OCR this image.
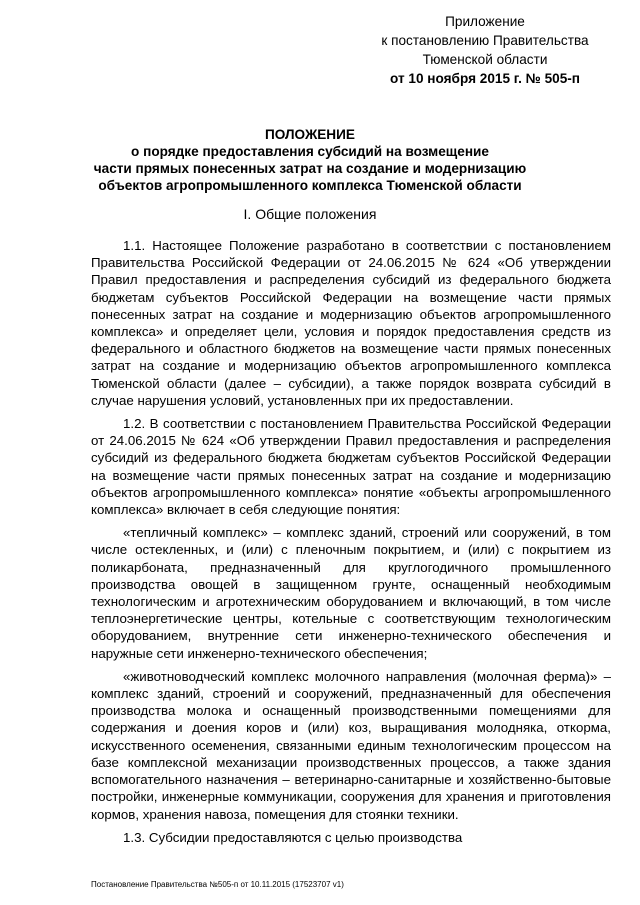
Приложение
к постановлению Правительства
Тюменской области
от 10 ноября 2015 г. № 505-п
ПОЛОЖЕНИЕ
о порядке предоставления субсидий на возмещение
части прямых понесенных затрат на создание и модернизацию
объектов агропромышленного комплекса Тюменской области
I. Общие положения

1.1. Настоящее Положение разработано в соответствии с постановлением Правительства Российской Федерации от 24.06.2015 № 624 «Об утверждении Правил предоставления и распределения субсидий из федерального бюджета бюджетам субъектов Российской Федерации на возмещение части прямых понесенных затрат на создание и модернизацию объектов агропромышленного комплекса» и определяет цели, условия и порядок предоставления средств из федерального и областного бюджетов на возмещение части прямых понесенных затрат на создание и модернизацию объектов агропромышленного комплекса Тюменской области (далее – субсидии), а также порядок возврата субсидий в случае нарушения условий, установленных при их предоставлении.

1.2. В соответствии с постановлением Правительства Российской Федерации от 24.06.2015 № 624 «Об утверждении Правил предоставления и распределения субсидий из федерального бюджета бюджетам субъектов Российской Федерации на возмещение части прямых понесенных затрат на создание и модернизацию объектов агропромышленного комплекса» понятие «объекты агропромышленного комплекса» включает в себя следующие понятия:

«тепличный комплекс» – комплекс зданий, строений или сооружений, в том числе остекленных, и (или) с пленочным покрытием, и (или) с покрытием из поликарбоната, предназначенный для круглогодичного промышленного производства овощей в защищенном грунте, оснащенный необходимым технологическим и агротехническим оборудованием и включающий, в том числе теплоэнергетические центры, котельные с соответствующим технологическим оборудованием, внутренние сети инженерно-технического обеспечения и наружные сети инженерно-технического обеспечения;

«животноводческий комплекс молочного направления (молочная ферма)» – комплекс зданий, строений и сооружений, предназначенный для обеспечения производства молока и оснащенный производственными помещениями для содержания и доения коров и (или) коз, выращивания молодняка, откорма, искусственного осеменения, связанными единым технологическим процессом на базе комплексной механизации производственных процессов, а также здания вспомогательного назначения – ветеринарно-санитарные и хозяйственно-бытовые постройки, инженерные коммуникации, сооружения для хранения и приготовления кормов, хранения навоза, помещения для стоянки техники.

1.3. Субсидии предоставляются с целью производства

Постановление Правительства №505-п от 10.11.2015 (17523707 v1)
